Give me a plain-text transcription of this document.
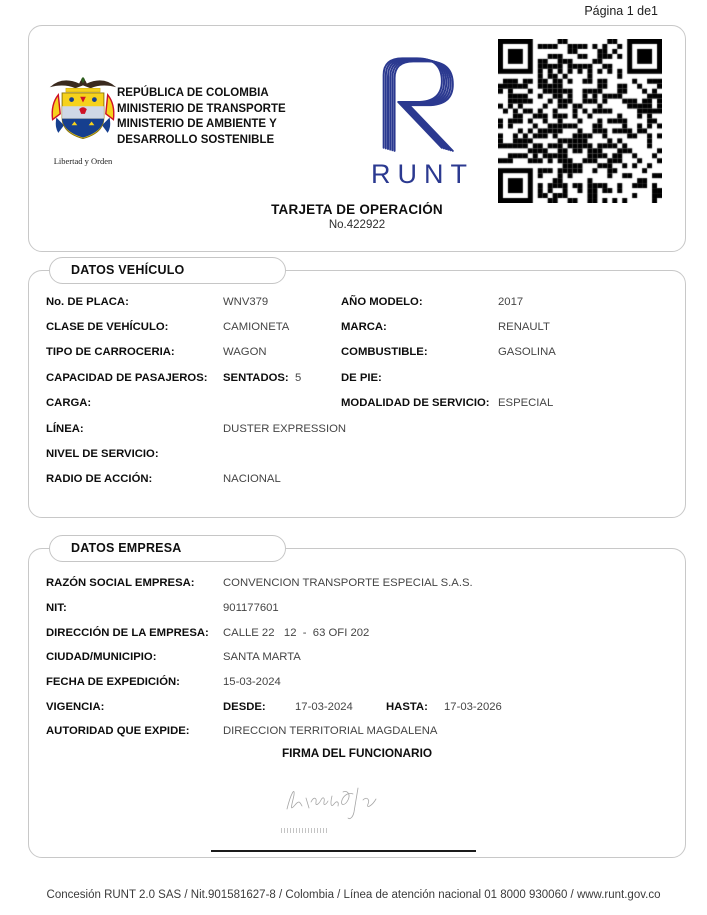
Página 1 de1
Libertad y Orden
REPÚBLICA DE COLOMBIA
MINISTERIO DE TRANSPORTE
MINISTERIO DE AMBIENTE Y
DESARROLLO SOSTENIBLE
RUNT
TARJETA DE OPERACIÓN
No.422922
DATOS VEHÍCULO
No. DE PLACA:	WNV379	AÑO MODELO:	2017
CLASE DE VEHÍCULO:	CAMIONETA	MARCA:	RENAULT
TIPO DE CARROCERIA:	WAGON	COMBUSTIBLE:	GASOLINA
CAPACIDAD DE PASAJEROS:	SENTADOS: 5	DE PIE:
CARGA:	MODALIDAD DE SERVICIO: ESPECIAL
LÍNEA:	DUSTER EXPRESSION
NIVEL DE SERVICIO:
RADIO DE ACCIÓN:	NACIONAL
DATOS EMPRESA
RAZÓN SOCIAL EMPRESA:	CONVENCION TRANSPORTE ESPECIAL S.A.S.
NIT:	901177601
DIRECCIÓN DE LA EMPRESA:	CALLE 22   12  -  63 OFI 202
CIUDAD/MUNICIPIO:	SANTA MARTA
FECHA DE EXPEDICIÓN:	15-03-2024
VIGENCIA:	DESDE:	17-03-2024	HASTA:	17-03-2026
AUTORIDAD QUE EXPIDE:	DIRECCION TERRITORIAL MAGDALENA
FIRMA DEL FUNCIONARIO
Concesión RUNT 2.0 SAS / Nit.901581627-8 / Colombia / Línea de atención nacional 01 8000 930060 / www.runt.gov.co
